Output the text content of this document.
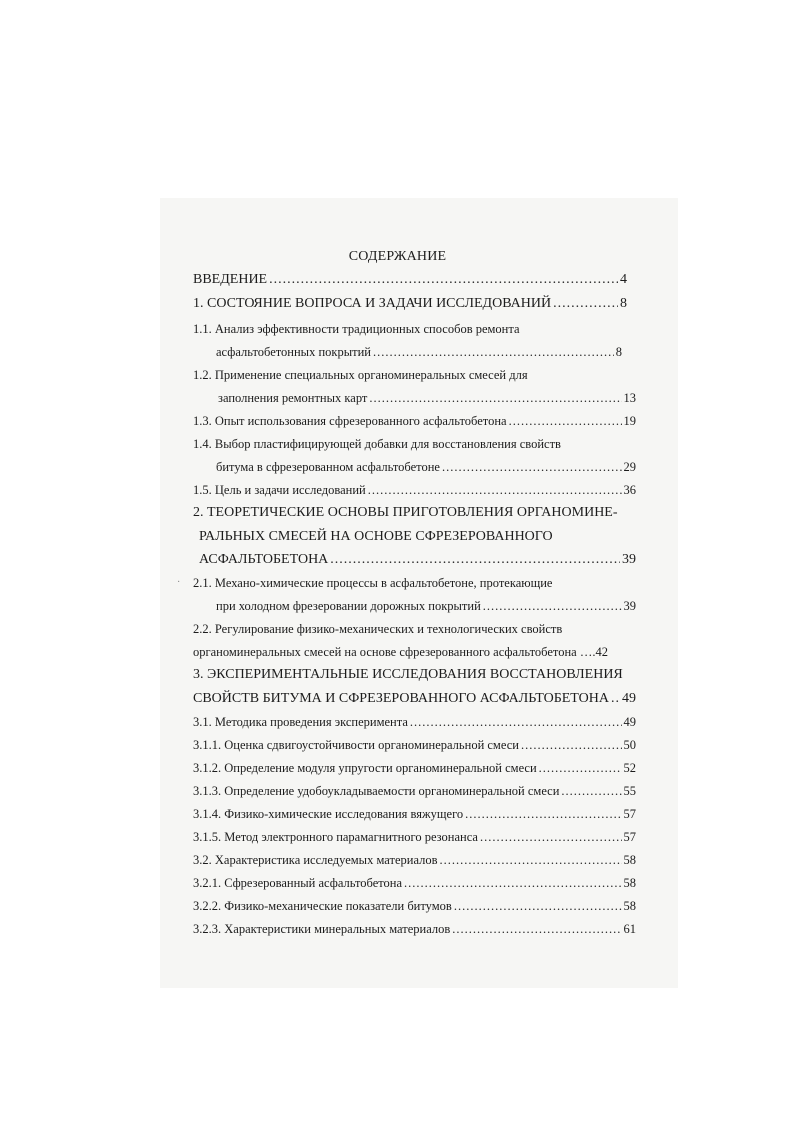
СОДЕРЖАНИЕ
ВВЕДЕНИЕ .....	4
1. СОСТОЯНИЕ ВОПРОСА И ЗАДАЧИ ИССЛЕДОВАНИЙ .....	8
1.1. Анализ эффективности традиционных способов ремонта
асфальтобетонных покрытий .....	8
1.2. Применение специальных органоминеральных смесей для
заполнения ремонтных карт .....	13
1.3. Опыт использования сфрезерованного асфальтобетона .....	19
1.4. Выбор пластифицирующей добавки для восстановления свойств
битума в сфрезерованном асфальтобетоне .....	29
1.5. Цель и задачи исследований .....	36
2. ТЕОРЕТИЧЕСКИЕ ОСНОВЫ ПРИГОТОВЛЕНИЯ ОРГАНОМИНЕ-
РАЛЬНЫХ СМЕСЕЙ НА ОСНОВЕ СФРЕЗЕРОВАННОГО
АСФАЛЬТОБЕТОНА .....	39
· 2.1. Механо-химические процессы в асфальтобетоне, протекающие
при холодном фрезеровании дорожных покрытий .....	39
2.2. Регулирование физико-механических и технологических свойств
органоминеральных смесей на основе сфрезерованного асфальтобетона ….42
3. ЭКСПЕРИМЕНТАЛЬНЫЕ ИССЛЕДОВАНИЯ ВОССТАНОВЛЕНИЯ
СВОЙСТВ БИТУМА И СФРЕЗЕРОВАННОГО АСФАЛЬТОБЕТОНА ..... 49
3.1. Методика проведения эксперимента .....	49
3.1.1. Оценка сдвигоустойчивости органоминеральной смеси .....	50
3.1.2. Определение модуля упругости органоминеральной смеси .....	52
3.1.3. Определение удобоукладываемости органоминеральной смеси .....	55
3.1.4. Физико-химические исследования вяжущего .....	57
3.1.5. Метод электронного парамагнитного резонанса .....	57
3.2. Характеристика исследуемых материалов .....	58
3.2.1. Сфрезерованный асфальтобетона .....	58
3.2.2. Физико-механические показатели битумов .....	58
3.2.3. Характеристики минеральных материалов .....	61
